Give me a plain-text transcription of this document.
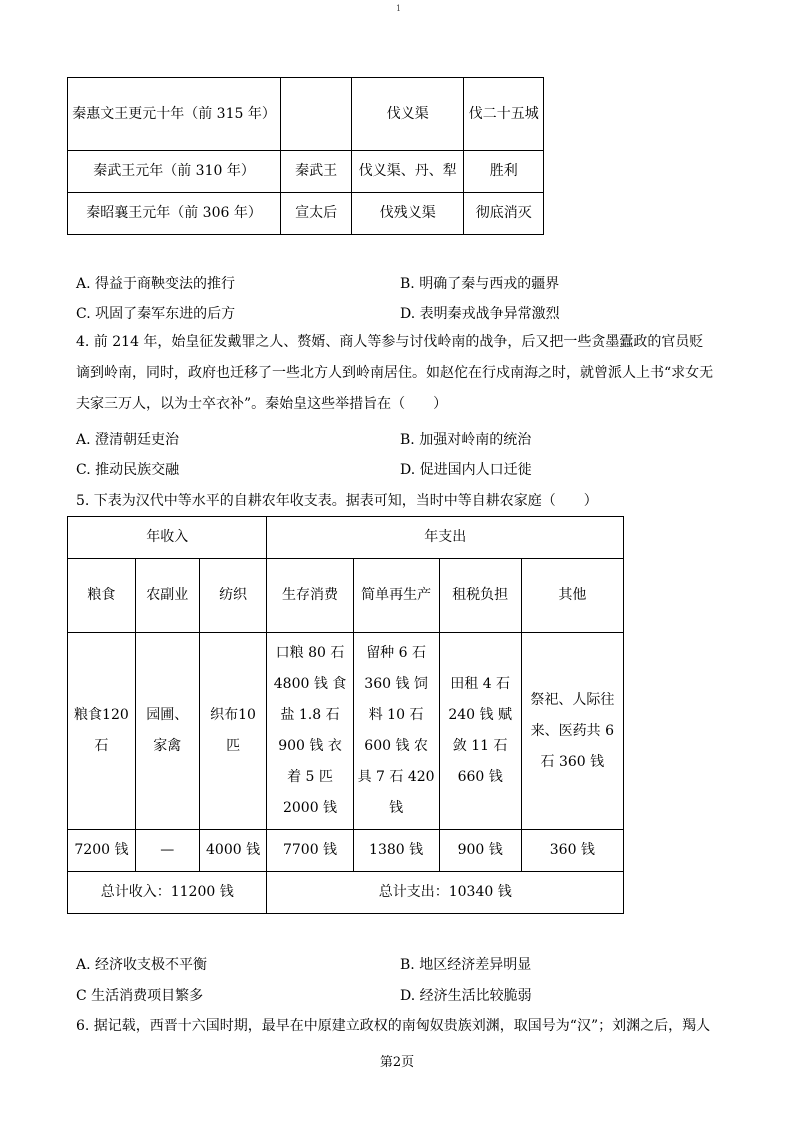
1
秦惠文王更元十年（前 315 年）		伐义渠	伐二十五城
秦武王元年（前 310 年）	秦武王	伐义渠、丹、犁	胜利
秦昭襄王元年（前 306 年）	宣太后	伐残义渠	彻底消灭
A. 得益于商鞅变法的推行	B. 明确了秦与西戎的疆界
C. 巩固了秦军东进的后方	D. 表明秦戎战争异常激烈
4. 前 214 年，始皇征发戴罪之人、赘婿、商人等参与讨伐岭南的战争，后又把一些贪墨蠹政的官员贬谪到岭南，同时，政府也迁移了一些北方人到岭南居住。如赵佗在行戍南海之时，就曾派人上书“求女无夫家三万人，以为士卒衣补”。秦始皇这些举措旨在（　　）
A. 澄清朝廷吏治	B. 加强对岭南的统治
C. 推动民族交融	D. 促进国内人口迁徙
5. 下表为汉代中等水平的自耕农年收支表。据表可知，当时中等自耕农家庭（　　）
年收入			年支出			
粮食	农副业	纺织	生存消费	简单再生产	租税负担	其他
粮食120石	园圃、家禽	织布10匹	口粮 80 石 4800 钱 食盐 1.8 石 900 钱 衣着 5 匹 2000 钱	留种 6 石 360 钱 饲料 10 石 600 钱 农具 7 石 420 钱	田租 4 石 240 钱 赋敛 11 石 660 钱	祭祀、人际往来、医药共 6 石 360 钱
7200 钱	—	4000 钱	7700 钱	1380 钱	900 钱	360 钱
总计收入：11200 钱			总计支出：10340 钱			
A. 经济收支极不平衡	B. 地区经济差异明显
C 生活消费项目繁多	D. 经济生活比较脆弱
6. 据记载，西晋十六国时期，最早在中原建立政权的南匈奴贵族刘渊，取国号为“汉”；刘渊之后，羯人
第2页
